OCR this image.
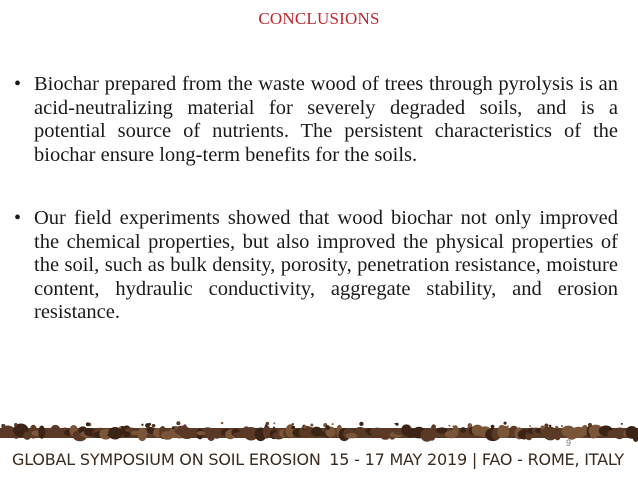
CONCLUSIONS
• Biochar prepared from the waste wood of trees through pyrolysis is an acid-neutralizing material for severely degraded soils, and is a potential source of nutrients. The persistent characteristics of the biochar ensure long-term benefits for the soils.
• Our field experiments showed that wood biochar not only improved the chemical properties, but also improved the physical properties of the soil, such as bulk density, porosity, penetration resistance, moisture content, hydraulic conductivity, aggregate stability, and erosion resistance.
9
GLOBAL SYMPOSIUM ON SOIL EROSION 15 - 17 MAY 2019 | FAO - ROME, ITALY
